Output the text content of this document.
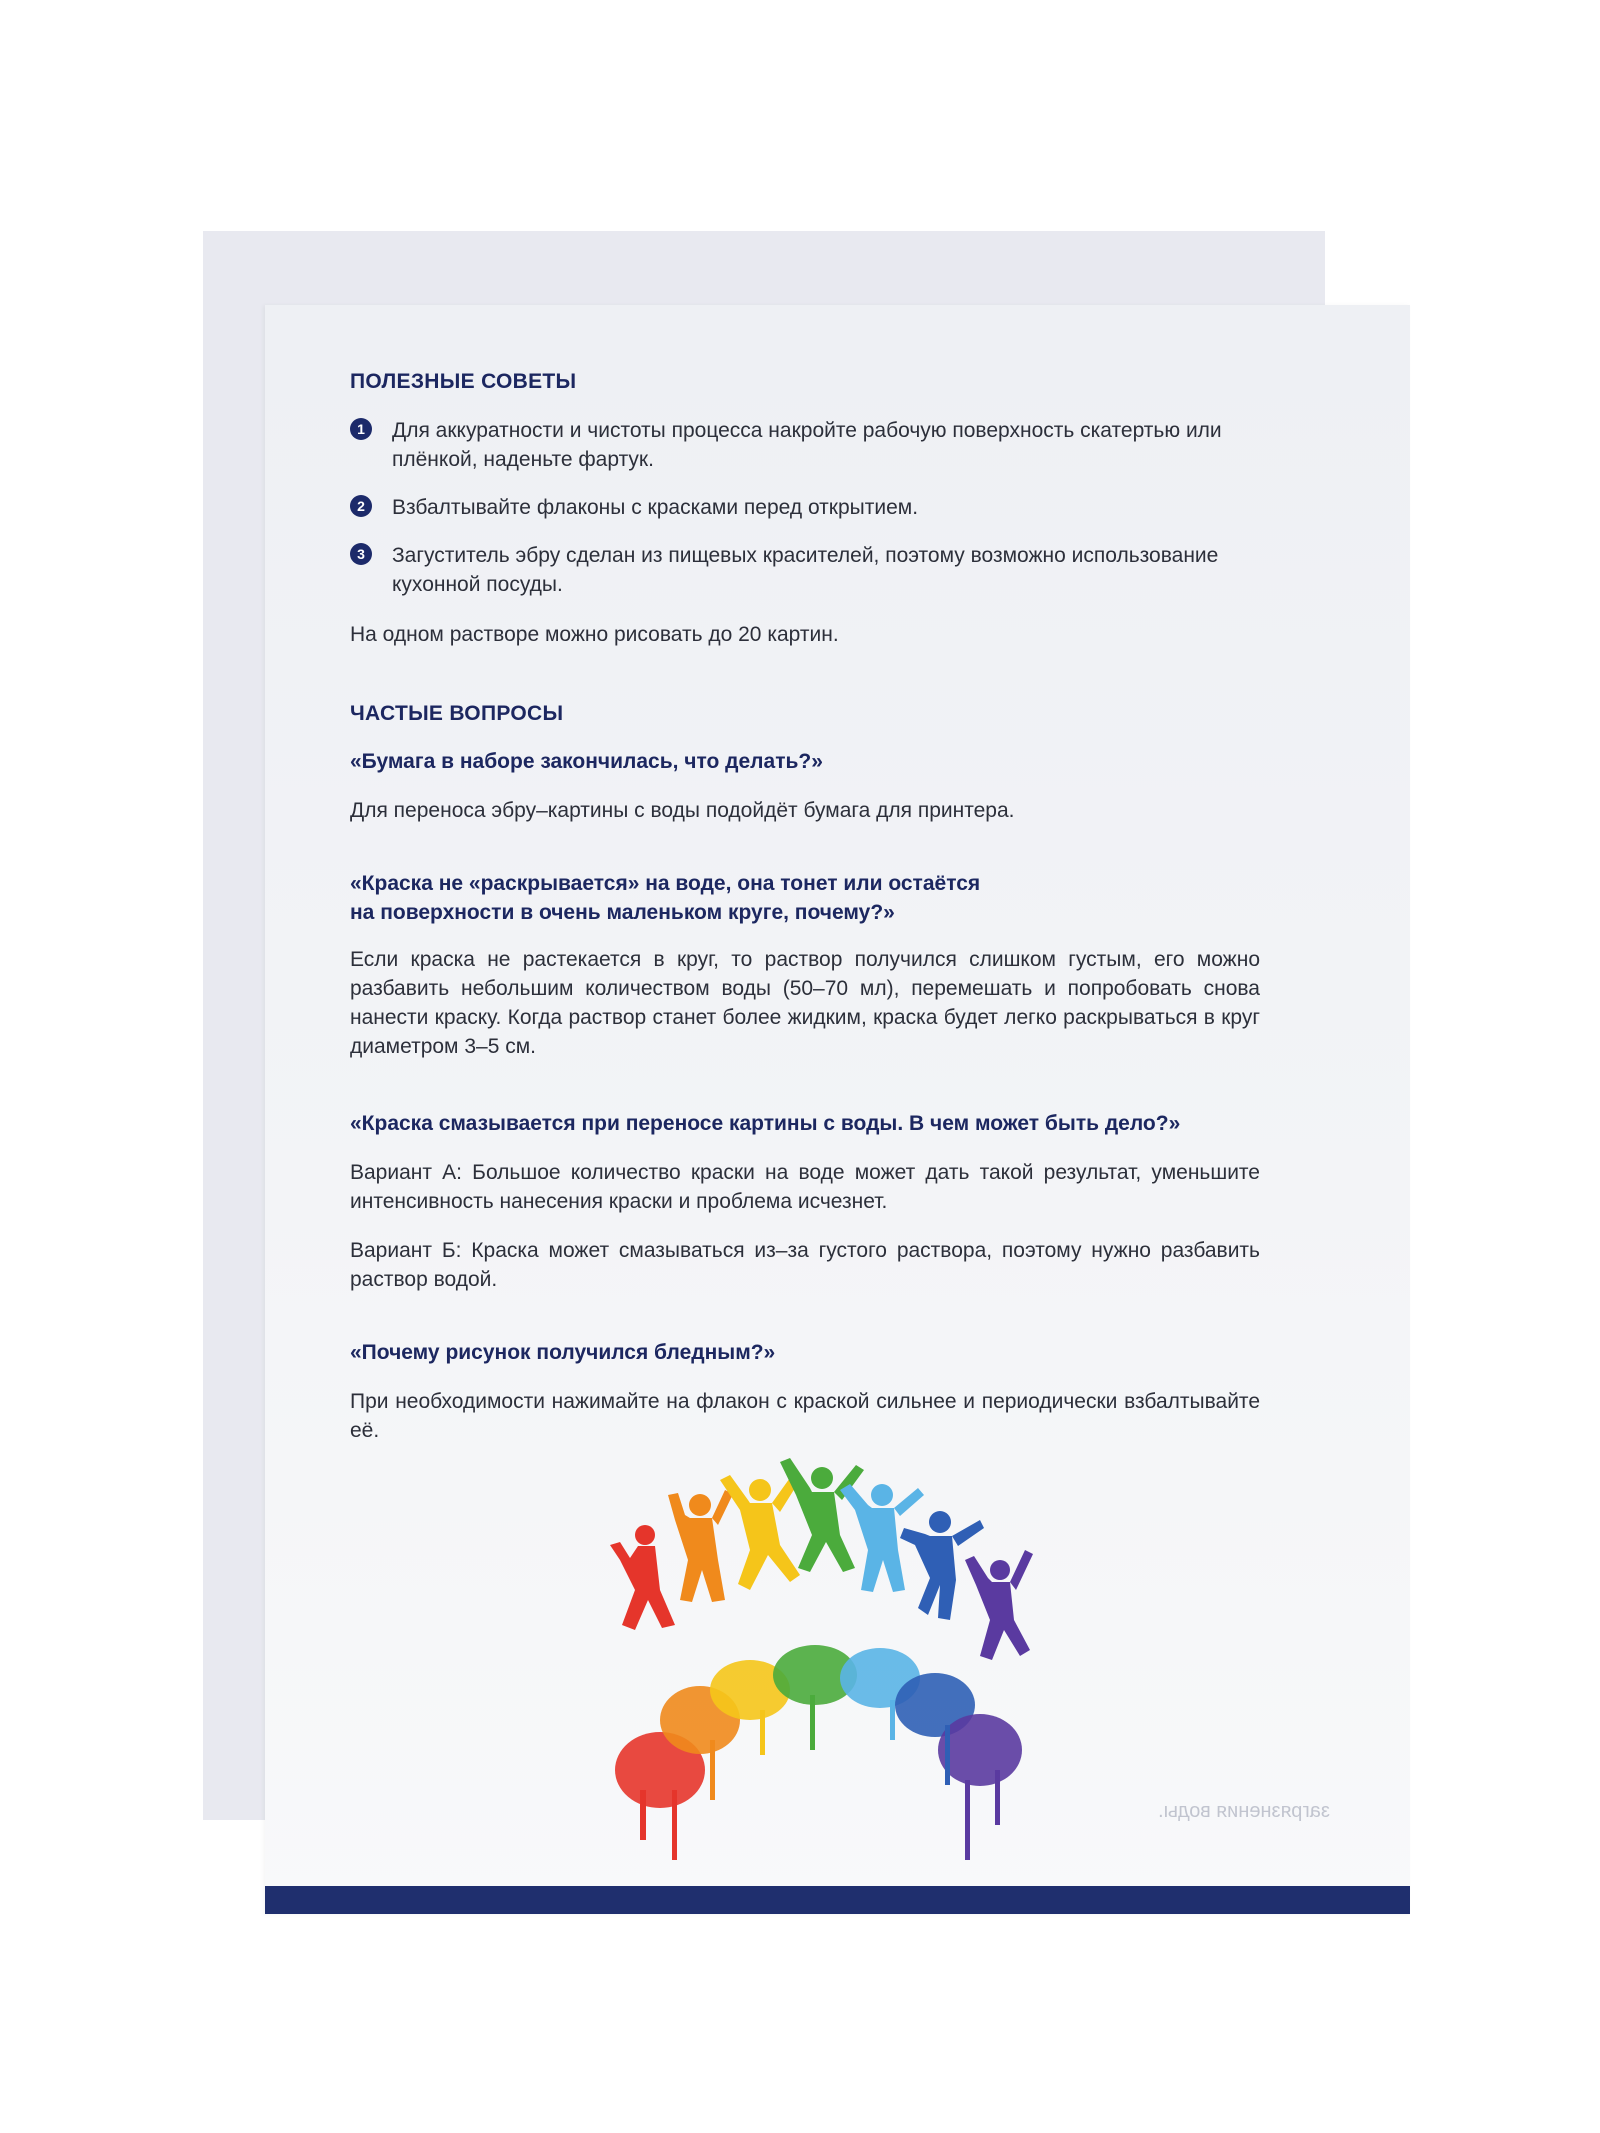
загрязнения воды.
ПОЛЕЗНЫЕ СОВЕТЫ
1	Для аккуратности и чистоты процесса накройте рабочую поверхность скатертью или плёнкой, наденьте фартук.
2	Взбалтывайте флаконы с красками перед открытием.
3	Загуститель эбру сделан из пищевых красителей, поэтому возможно использование кухонной посуды.

На одном растворе можно рисовать до 20 картин.

ЧАСТЫЕ ВОПРОСЫ
«Бумага в наборе закончилась, что делать?»

Для переноса эбру–картины с воды подойдёт бумага для принтера.

«Краска не «раскрывается» на воде, она тонет или остаётся
на поверхности в очень маленьком круге, почему?»

Если краска не растекается в круг, то раствор получился слишком густым, его можно разбавить небольшим количеством воды (50–70 мл), перемешать и попробовать снова нанести краску. Когда раствор станет более жидким, краска будет легко раскрываться в круг диаметром 3–5 см.

«Краска смазывается при переносе картины с воды. В чем может быть дело?»

Вариант А: Большое количество краски на воде может дать такой результат, уменьшите интенсивность нанесения краски и проблема исчезнет.

Вариант Б: Краска может смазываться из–за густого раствора, поэтому нужно разбавить раствор водой.

«Почему рисунок получился бледным?»

При необходимости нажимайте на флакон с краской сильнее и периодически взбалтывайте её.
